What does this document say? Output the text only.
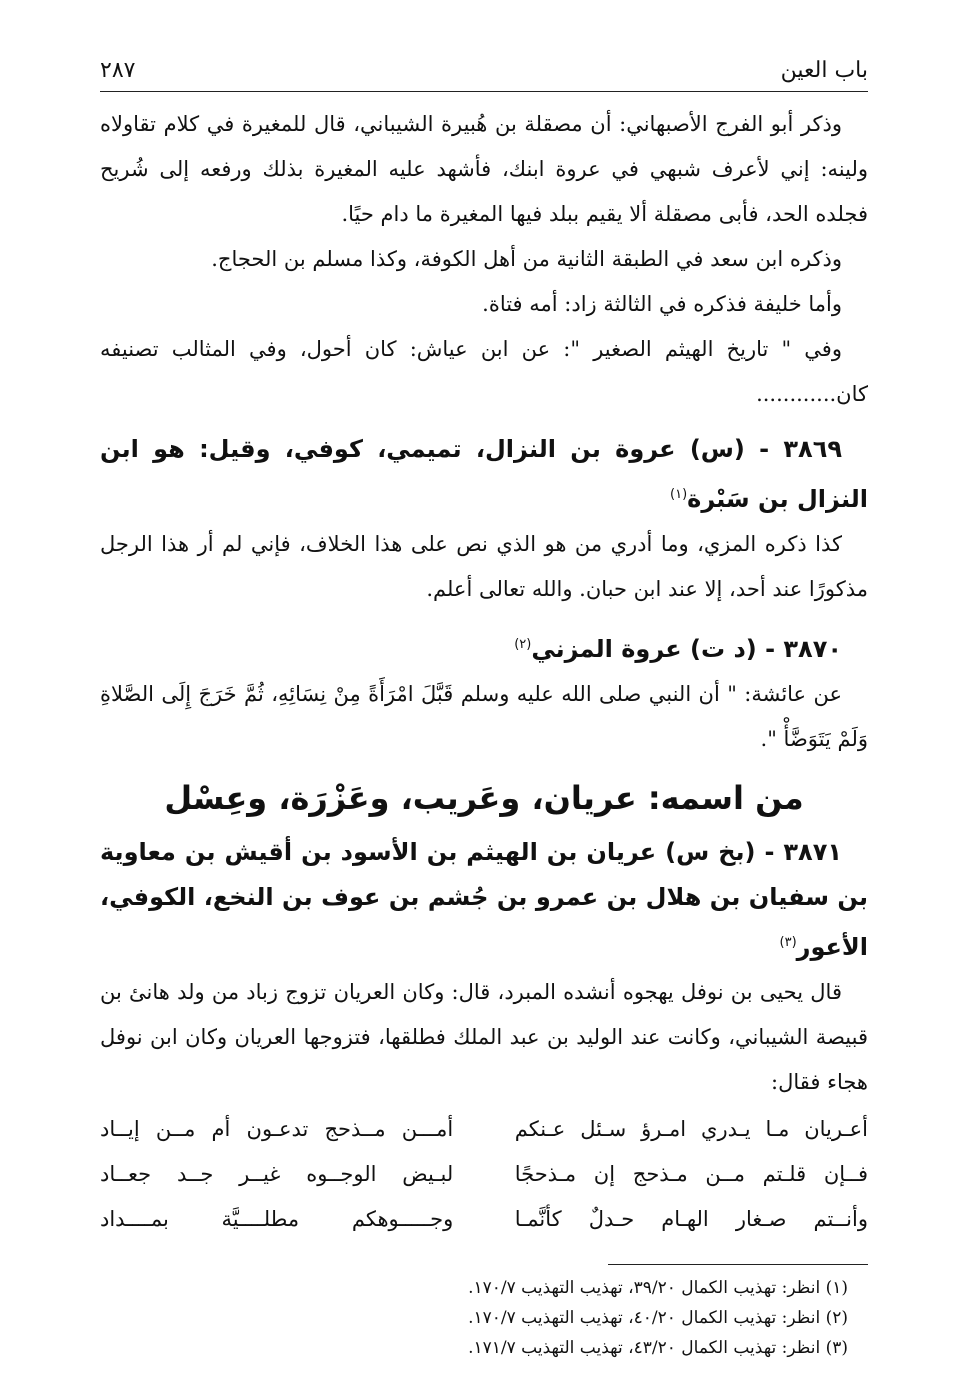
باب العين
٢٨٧

وذكر أبو الفرج الأصبهاني: أن مصقلة بن هُبيرة الشيباني، قال للمغيرة في كلام تقاولاه ولينه: إني لأعرف شبهي في عروة ابنك، فأشهد عليه المغيرة بذلك ورفعه إلى شُريح فجلده الحد، فأبى مصقلة ألا يقيم ببلد فيها المغيرة ما دام حيًا.

وذكره ابن سعد في الطبقة الثانية من أهل الكوفة، وكذا مسلم بن الحجاج.

وأما خليفة فذكره في الثالثة زاد: أمه فتاة.

وفي " تاريخ الهيثم الصغير ": عن ابن عياش: كان أحول، وفي المثالب تصنيفه كان............

٣٨٦٩ - (س) عروة بن النزال، تميمي، كوفي، وقيل: هو ابن النزال بن سَبْرة$^{(١)}$

كذا ذكره المزي، وما أدري من هو الذي نص على هذا الخلاف، فإني لم أر هذا الرجل مذكورًا عند أحد، إلا عند ابن حبان. والله تعالى أعلم.

٣٨٧٠ - (د ت) عروة المزني$^{(٢)}$

عن عائشة: " أن النبي صلى الله عليه وسلم قَبَّلَ امْرَأَةً مِنْ نِسَائِهِ، ثُمَّ خَرَجَ إِلَى الصَّلاةِ وَلَمْ يَتَوَضَّأْ ".

من اسمه: عريان، وعَريب، وعَزْرَة، وعِسْل
٣٨٧١ - (بخ س) عريان بن الهيثم بن الأسود بن أقيش بن معاوية بن سفيان بن هلال بن عمرو بن جُشم بن عوف بن النخع، الكوفي، الأعور$^{(٣)}$

قال يحيى بن نوفل يهجوه أنشده المبرد، قال: وكان العريان تزوج زباد من ولد هانئ بن قبيصة الشيباني، وكانت عند الوليد بن عبد الملك فطلقها، فتزوجها العريان وكان ابن نوفل هجاء فقال:

أعـريان مـا يـدري امـرؤ سـئل عـنكم
أمـــن مــذحج تدعـون أم مــن إيــاد
فــإن قلـتم مــن مـذحج إن مـذحجًا
لبـيض الوجــوه غيــر جــد جعــاد
وأنــتم صـغار الهـام حـدلٌ كأنَّمـا
وجـــــوهكم مطلــــيَّة بمــــداد
(١) انظر: تهذيب الكمال ٣٩/٢٠، تهذيب التهذيب ١٧٠/٧.
(٢) انظر: تهذيب الكمال ٤٠/٢٠، تهذيب التهذيب ١٧٠/٧.
(٣) انظر: تهذيب الكمال ٤٣/٢٠، تهذيب التهذيب ١٧١/٧.
